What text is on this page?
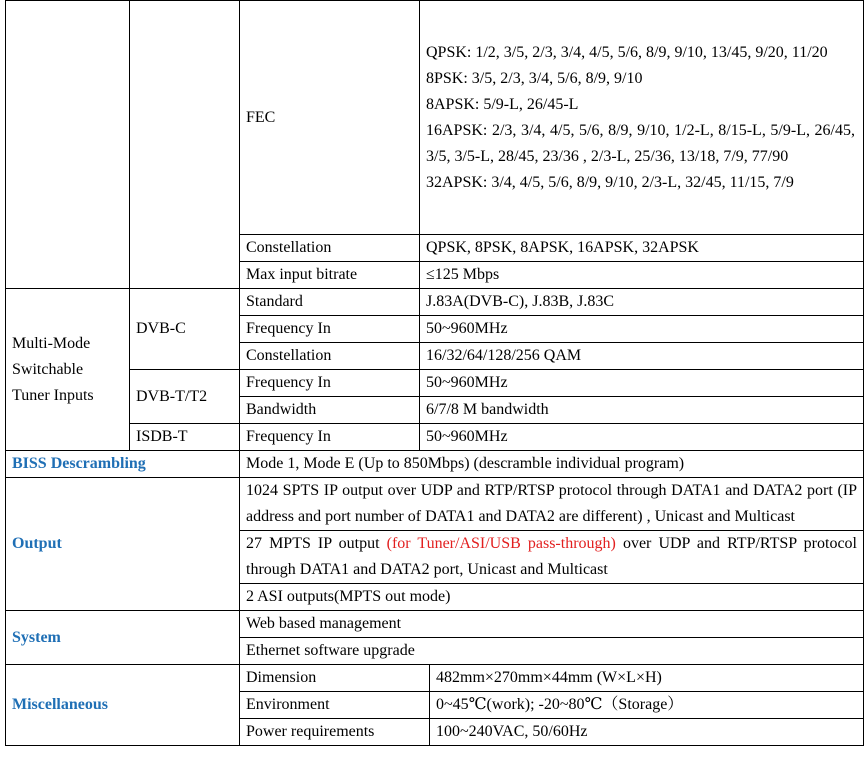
		FEC	QPSK: 1/2, 3/5, 2/3, 3/4, 4/5, 5/6, 8/9, 9/10, 13/45, 9/20, 11/20
8PSK: 3/5, 2/3, 3/4, 5/6, 8/9, 9/10
8APSK: 5/9-L, 26/45-L
16APSK: 2/3, 3/4, 4/5, 5/6, 8/9, 9/10, 1/2-L, 8/15-L, 5/9-L, 26/45, 3/5, 3/5-L, 28/45, 23/36 , 2/3-L, 25/36, 13/18, 7/9, 77/90
32APSK: 3/4, 4/5, 5/6, 8/9, 9/10, 2/3-L, 32/45, 11/15, 7/9	

		Constellation	QPSK, 8PSK, 8APSK, 16APSK, 32APSK	
		Max input bitrate	≤125 Mbps	
Multi-Mode Switchable Tuner Inputs	DVB-C	Standard	J.83A(DVB-C), J.83B, J.83C	
		Frequency In	50~960MHz	
		Constellation	16/32/64/128/256 QAM	
	DVB-T/T2	Frequency In	50~960MHz	
		Bandwidth	6/7/8 M bandwidth	
	ISDB-T	Frequency In	50~960MHz	
BISS Descrambling		Mode 1, Mode E (Up to 850Mbps) (descramble individual program)		
Output		1024 SPTS IP output over UDP and RTP/RTSP protocol through DATA1 and DATA2 port (IP address and port number of DATA1 and DATA2 are different) , Unicast and Multicast		
		27 MPTS IP output (for Tuner/ASI/USB pass-through) over UDP and RTP/RTSP protocol through DATA1 and DATA2 port, Unicast and Multicast		
		2 ASI outputs(MPTS out mode)		
System		Web based management		
		Ethernet software upgrade		
Miscellaneous		Dimension		482mm×270mm×44mm (W×L×H)
		Environment		0~45℃(work); -20~80℃（Storage）
		Power requirements		100~240VAC, 50/60Hz
